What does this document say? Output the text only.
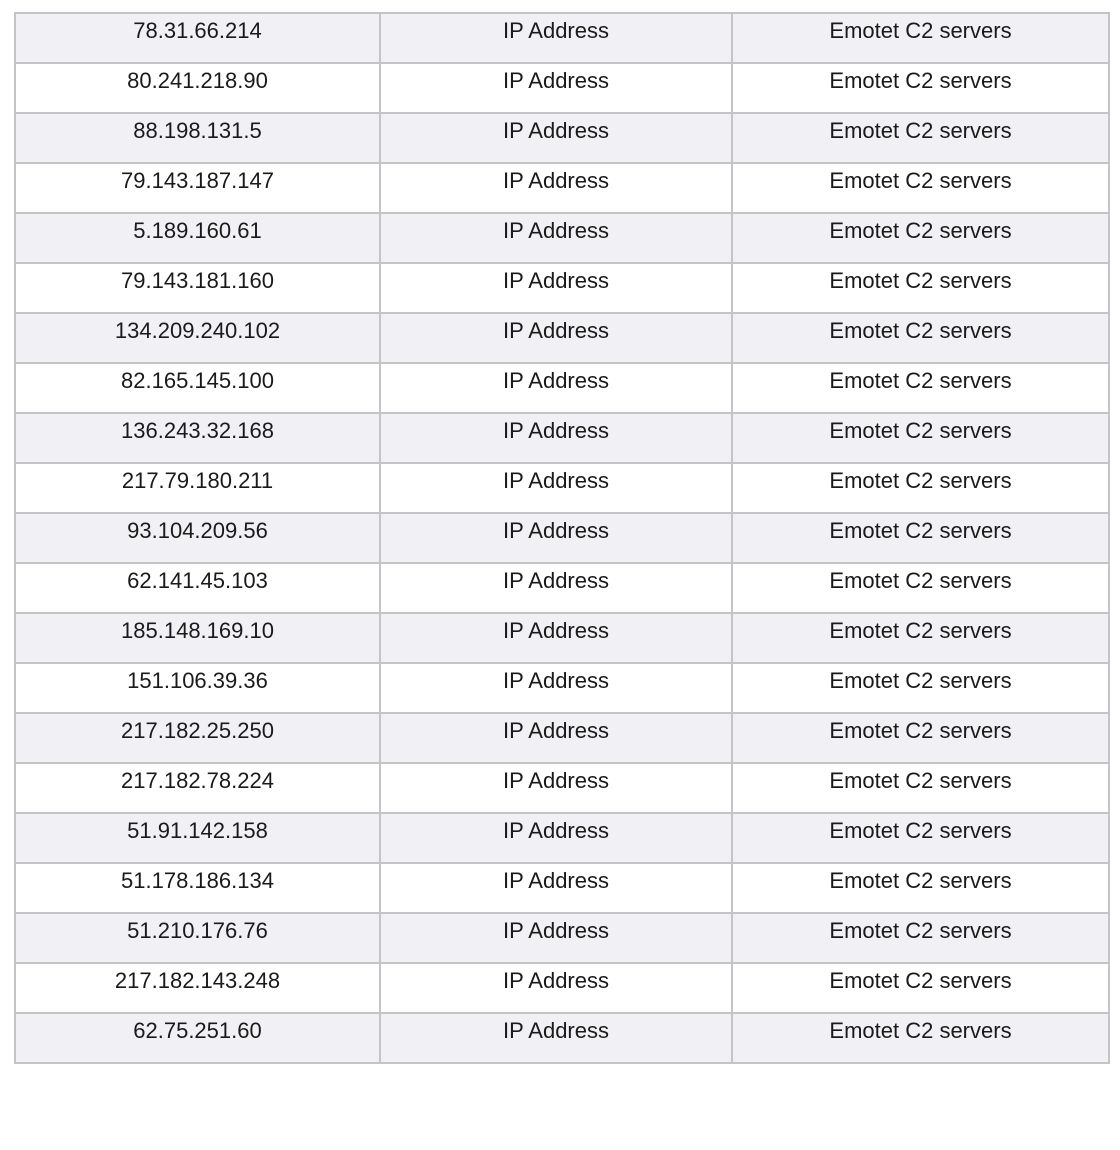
78.31.66.214	IP Address	Emotet C2 servers

80.241.218.90	IP Address	Emotet C2 servers

88.198.131.5	IP Address	Emotet C2 servers

79.143.187.147	IP Address	Emotet C2 servers

5.189.160.61	IP Address	Emotet C2 servers

79.143.181.160	IP Address	Emotet C2 servers

134.209.240.102	IP Address	Emotet C2 servers

82.165.145.100	IP Address	Emotet C2 servers

136.243.32.168	IP Address	Emotet C2 servers

217.79.180.211	IP Address	Emotet C2 servers

93.104.209.56	IP Address	Emotet C2 servers

62.141.45.103	IP Address	Emotet C2 servers

185.148.169.10	IP Address	Emotet C2 servers

151.106.39.36	IP Address	Emotet C2 servers

217.182.25.250	IP Address	Emotet C2 servers

217.182.78.224	IP Address	Emotet C2 servers

51.91.142.158	IP Address	Emotet C2 servers

51.178.186.134	IP Address	Emotet C2 servers

51.210.176.76	IP Address	Emotet C2 servers

217.182.143.248	IP Address	Emotet C2 servers

62.75.251.60	IP Address	Emotet C2 servers
